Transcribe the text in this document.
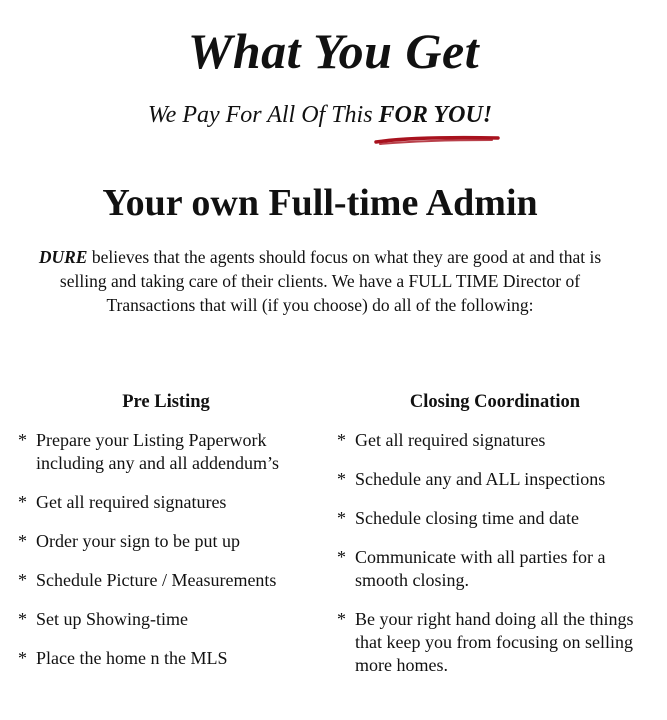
What You Get
We Pay For All Of This FOR YOU!
Your own Full-time Admin
DURE believes that the agents should focus on what they are good at and that is selling and taking care of their clients. We have a FULL TIME Director of Transactions that will (if you choose) do all of the following:
Pre Listing
* Prepare your Listing Paperwork including any and all addendum’s
* Get all required signatures
* Order your sign to be put up
* Schedule Picture / Measurements
* Set up Showing-time
* Place the home n the MLS
Closing Coordination
* Get all required signatures
* Schedule any and ALL inspections
* Schedule closing time and date
* Communicate with all parties for a smooth closing.
* Be your right hand doing all the things that keep you from focusing on selling more homes.
